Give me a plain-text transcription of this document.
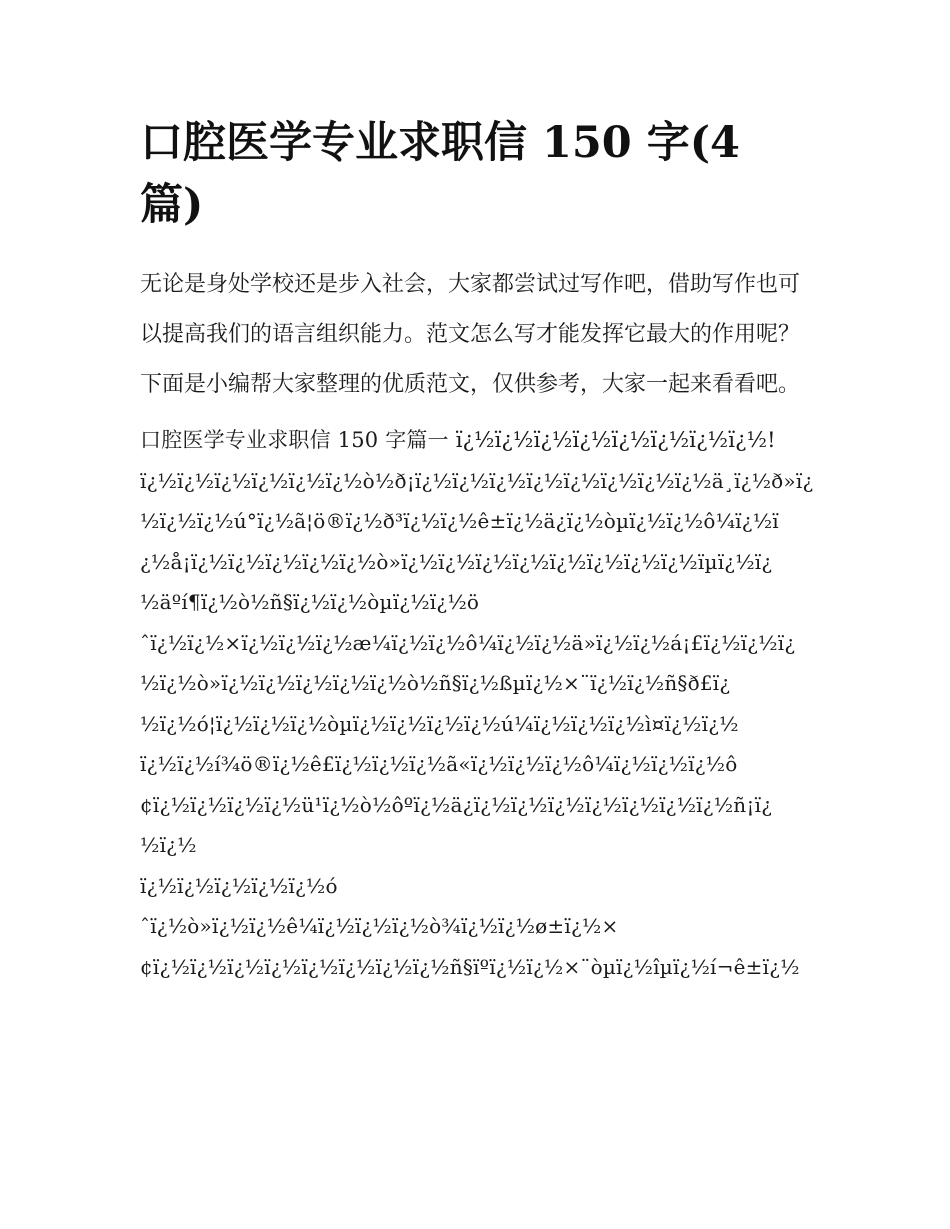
口腔医学专业求职信 150 字(4 篇)

无论是身处学校还是步入社会，大家都尝试过写作吧，借助写作也可以提高我们的语言组织能力。范文怎么写才能发挥它最大的作用呢？下面是小编帮大家整理的优质范文，仅供参考，大家一起来看看吧。

口腔医学专业求职信 150 字篇一 ï¿½ï¿½ï¿½ï¿½ï¿½ï¿½ï¿½ï¿½!
ï¿½ï¿½ï¿½ï¿½ï¿½ï¿½ò½ð¡ï¿½ï¿½ï¿½ï¿½ï¿½ï¿½ï¿½ï¿½ä¸ï¿½ð»ï¿
½ï¿½ï¿½ú°ï¿½ã¦ö®ï¿½ð³ï¿½ï¿½ê±ï¿½ä¿ï¿½òµï¿½ï¿½ô¼ï¿½ï
¿½å¡ï¿½ï¿½ï¿½ï¿½ï¿½ò»ï¿½ï¿½ï¿½ï¿½ï¿½ï¿½ï¿½ï¿½ïµï¿½ï¿
½äºí¶ï¿½ò½ñ§ï¿½ï¿½òµï¿½ï¿½ö
ˆï¿½ï¿½×ï¿½ï¿½ï¿½æ¼ï¿½ï¿½ô¼ï¿½ï¿½ä»ï¿½ï¿½á¡£ï¿½ï¿½ï¿
½ï¿½ò»ï¿½ï¿½ï¿½ï¿½ï¿½ò½ñ§ï¿½ßµï¿½×¨ï¿½ï¿½ñ§ð£ï¿
½ï¿½ó¦ï¿½ï¿½ï¿½òµï¿½ï¿½ï¿½ï¿½ú¼ï¿½ï¿½ï¿½ì¤ï¿½ï¿½
ï¿½ï¿½í¾ö®ï¿½ê£ï¿½ï¿½ï¿½ã«ï¿½ï¿½ï¿½ô¼ï¿½ï¿½ï¿½ô
¢ï¿½ï¿½ï¿½ï¿½ü¹ï¿½ò½ôºï¿½ä¿ï¿½ï¿½ï¿½ï¿½ï¿½ï¿½ï¿½ñ¡ï¿
½ï¿½
ï¿½ï¿½ï¿½ï¿½ï¿½ó
ˆï¿½ò»ï¿½ï¿½ê¼ï¿½ï¿½ï¿½ò¾ï¿½ï¿½ø±ï¿½×
¢ï¿½ï¿½ï¿½ï¿½ï¿½ï¿½ï¿½ï¿½ñ§ïºï¿½ï¿½×¨òµï¿½îµï¿½í¬ê±ï¿½
